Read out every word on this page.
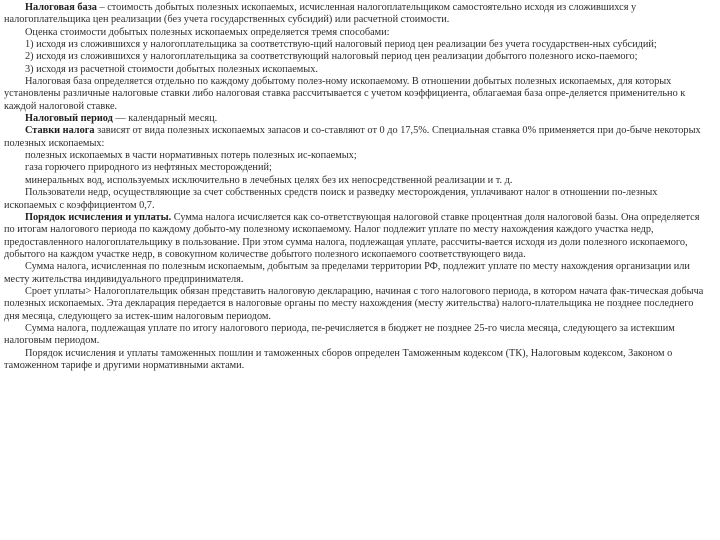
Налоговая база – стоимость добытых полезных ископаемых, исчисленная налогоплательщиком самостоятельно исходя из сложившихся у налогоплательщика цен реализации (без учета государственных субсидий) или расчетной стоимости.

Оценка стоимости добытых полезных ископаемых определяется тремя способами:

1) исходя из сложившихся у налогоплательщика за соответствую-щий налоговый период цен реализации без учета государствен-ных субсидий;

2) исходя из сложившихся у налогоплательщика за соответствующий налоговый период цен реализации добытого полезного иско-паемого;

3) исходя из расчетной стоимости добытых полезных ископаемых.

Налоговая база определяется отдельно по каждому добытому полез-ному ископаемому. В отношении добытых полезных ископаемых, для которых установлены различные налоговые ставки либо налоговая ставка рассчитывается с учетом коэффициента, облагаемая база опре-деляется применительно к каждой налоговой ставке.

Налоговый период — календарный месяц.

Ставки налога зависят от вида полезных ископаемых запасов и со-ставляют от 0 до 17,5%. Специальная ставка 0% применяется при до-быче некоторых полезных ископаемых:

полезных ископаемых в части нормативных потерь полезных ис-копаемых;

газа горючего природного из нефтяных месторождений;

минеральных вод, используемых исключительно в лечебных целях без их непосредственной реализации и т. д.

Пользователи недр, осуществляющие за счет собственных средств поиск и разведку месторождения, уплачивают налог в отношении по-лезных ископаемых с коэффициентом 0,7.

Порядок исчисления и уплаты. Сумма налога исчисляется как со-ответствующая налоговой ставке процентная доля налоговой базы. Она определяется по итогам налогового периода по каждому добыто-му полезному ископаемому. Налог подлежит уплате по месту нахождения каждого участка недр, предоставленного налогоплательщику в пользование. При этом сумма налога, подлежащая уплате, рассчиты-вается исходя из доли полезного ископаемого, добытого на каждом участке недр, в совокупном количестве добытого полезного ископаемого соответствующего вида.

Сумма налога, исчисленная по полезным ископаемым, добытым за пределами территории РФ, подлежит уплате по месту нахождения организации или месту жительства индивидуального предпринимателя.

Сроет уплаты> Налогоплательщик обязан представить налоговую декларацию, начиная с того налогового периода, в котором начата фак-тическая добыча полезных ископаемых. Эта декларация передается в налоговые органы по месту нахождения (месту жительства) налого-плательщика не позднее последнего дня месяца, следующего за истек-шим налоговым периодом.

Сумма налога, подлежащая уплате по итогу налогового периода, пе-речисляется в бюджет не позднее 25-го числа месяца, следующего за истекшим налоговым периодом.

Порядок исчисления и уплаты таможенных пошлин и таможенных сборов определен Таможенным кодексом (ТК), Налоговым кодексом, Законом о таможенном тарифе и другими нормативными актами.
